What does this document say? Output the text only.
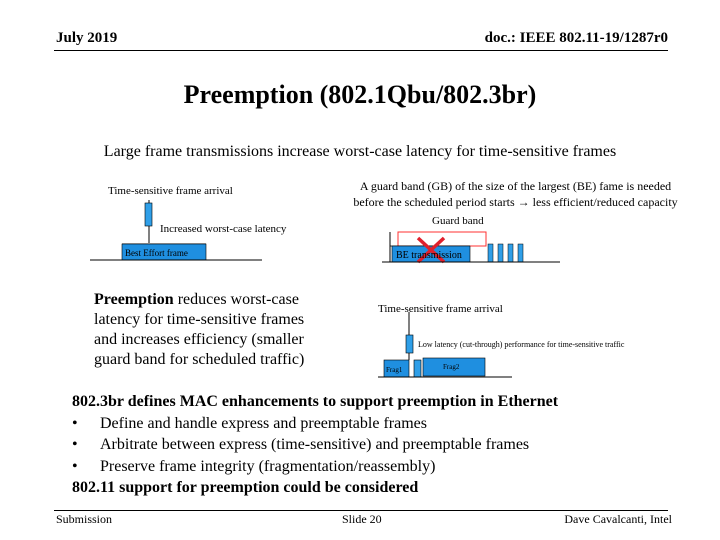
July 2019	doc.: IEEE 802.11-19/1287r0
Preemption (802.1Qbu/802.3br)
Large frame transmissions increase worst-case latency for time-sensitive frames
Time-sensitive frame arrival
Increased worst-case latency
Best Effort frame
Guard band
BE transmission
Time-sensitive frame arrival
Low latency (cut-through) performance for time-sensitive traffic
Frag1	Frag2
A guard band (GB) of the size of the largest (BE) fame is needed
before the scheduled period starts → less efficient/reduced capacity
Preemption reduces worst-case
latency for time-sensitive frames
and increases efficiency (smaller
guard band for scheduled traffic)
802.3br defines MAC enhancements to support preemption in Ethernet
• Define and handle express and preemptable frames
• Arbitrate between express (time-sensitive) and preemptable frames
• Preserve frame integrity (fragmentation/reassembly)
802.11 support for preemption could be considered
Submission	Slide 20	Dave Cavalcanti, Intel
